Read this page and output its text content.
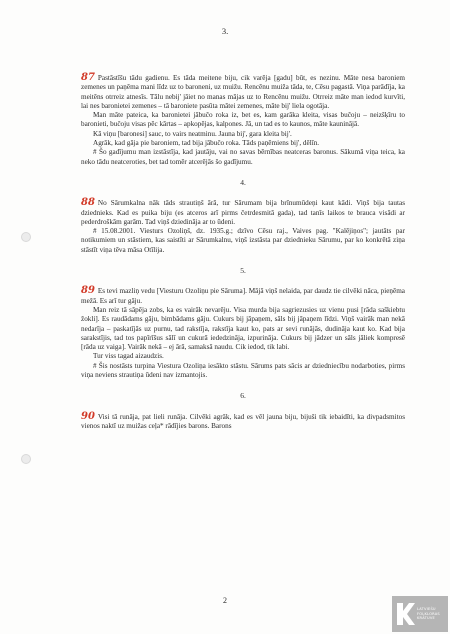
3.

87 Pastāstīšu tādu gadienu. Es tāda meitene biju, cik varēja [gadu] būt, es nezinu. Māte nesa baroniem zemenes un paņēma mani līdz uz to baroneni, uz muižu. Rencēnu muiža tāda, te, Cēsu pagastā. Viņa parādīja, ka meitēns otrreiz atnesīs. Tālu nebij' jāiet no manas mājas uz to Rencēnu muižu. Otrreiz māte man iedod kurvīti, lai nes baronietei zemenes – tā baroniete pasūta mātei zemenes, māte bij' liela ogotāja.

Man māte pateica, ka baronietei jābučo roka iz, bet es, kam garāka kleita, visas bučoju – neizšķīru to baronieti, bučoju visas pēc kārtas – apkopējas, kalpones. Jā, un tad es to kaunos, māte kauninājā.

Kā viņu [baronesi] sauc, to vairs neatminu. Jauna bij', gara kleita bij'.

Agrāk, kad gāja pie baroniem, tad bija jābučo roka. Tāds paņēmiens bij', dēlīn.

# Šo gadījumu man izstāstīja, kad jautāju, vai no savas bērnības neatceras baronus. Sākumā viņa teica, ka neko tādu neatceroties, bet tad tomēr atcerējās šo gadījumu.

4.

88 No Sārumkalna nāk tāds strautiņš ārā, tur Sārumam bija brīnumūdeņi kaut kādi. Viņš bija tautas dziednieks. Kad es puika biju (es atceros arī pirms četrdesmitā gada), tad tanīs laikos te brauca visādi ar pederdroškām garām. Tad viņš dziedināja ar to ūdeni.

# 15.08.2001. Viesturs Ozoliņš, dz. 1935.g.; dzīvo Cēsu raj., Vaives pag. "Kalējiņos"; jautāts par notikumiem un stāstiem, kas saistīti ar Sārumkalnu, viņš izstāsta par dziednieku Sārumu, par ko konkrētā ziņa stāstīt viņa tēva māsa Otīlija.

5.

89 Es tevi mazliņ vedu [Viesturu Ozoliņu pie Sāruma]. Mājā viņš nelaida, par daudz tie cilvēki nāca, pieņēma mežā. Es arī tur gāju.

Man reiz tā sāpēja zobs, ka es vairāk nevarēju. Visa murda bija sagriezusies uz vienu pusi [rāda saškiebtu žokli]. Es raudādams gāju, bimbādams gāju. Cukurs bij jāpaņem, sāls bij jāpaņem līdzi. Viņš vairāk man nekā nedarīja – paskatījās uz purnu, tad rakstīja, rakstīja kaut ko, pats ar sevi runājās, dudināja kaut ko. Kad bija sarakstījis, tad tos papīrīšus sālī un cukurā iededzināja, izpurināja. Cukurs bij jādzer un sāls jāliek kompresē [rāda uz vaiga]. Vairāk nekā – ej ārā, samaksā naudu. Cik iedod, tik labi.

Tur viss tagad aizaudzis.

# Šis nostāsts turpina Viestura Ozoliņa iesākto stāstu. Sārums pats sācis ar dziedniecību nodarboties, pirms viņa neviens strautiņa ūdeni nav izmantojis.

6.

90 Visi tā runāja, pat lieli runāja. Cilvēki agrāk, kad es vēl jauna biju, bijuši tik iebaidīti, ka divpadsmitos vienos naktī uz muižas ceļa* rādījies barons. Barons

2
LATVIEŠU
FOLKLORAS
KRĀTUVE
